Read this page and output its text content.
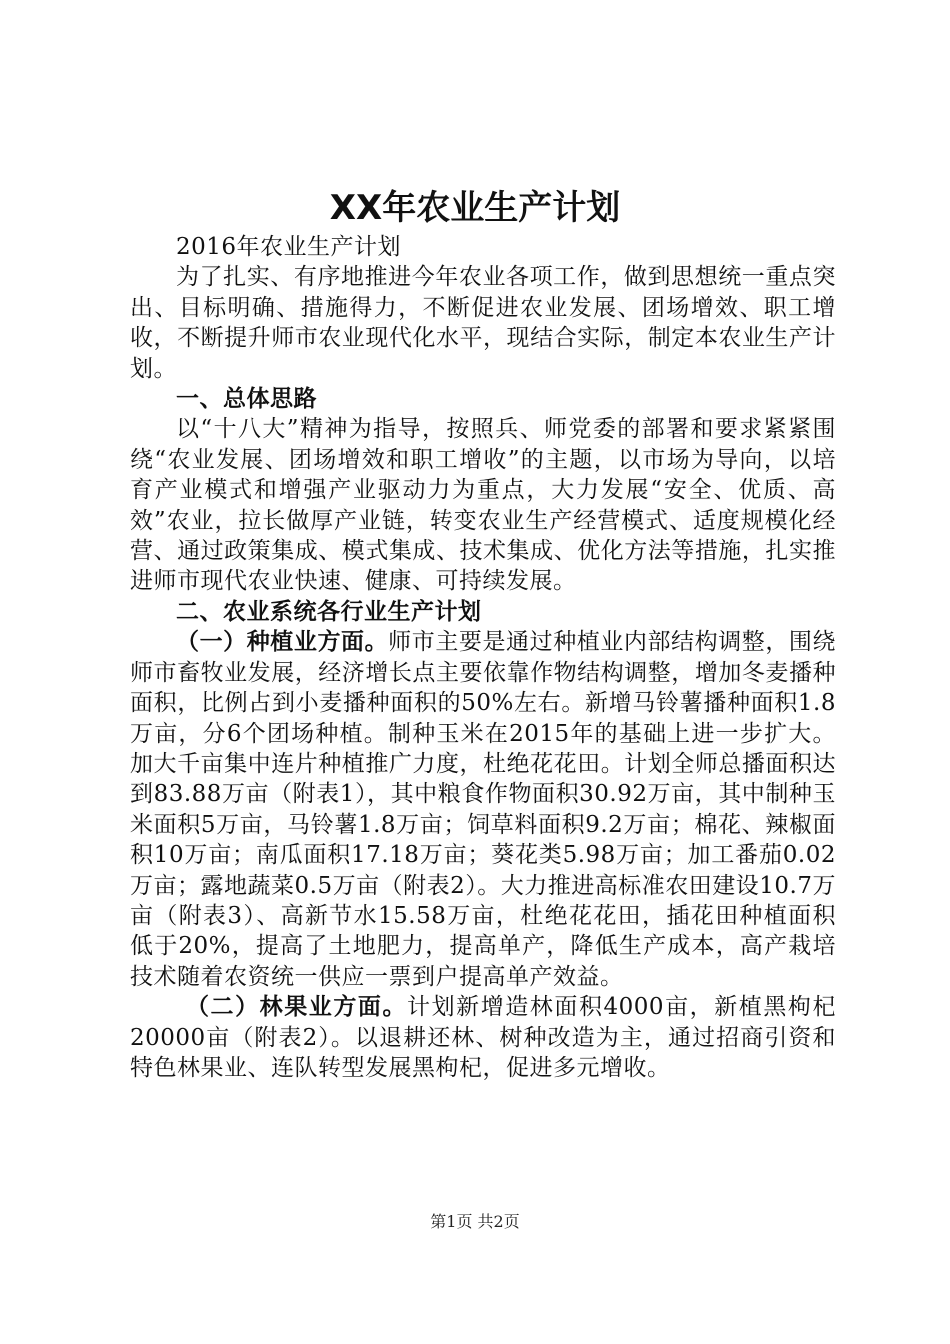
XX年农业生产计划

2016年农业生产计划

为了扎实、有序地推进今年农业各项工作，做到思想统一重点突出、目标明确、措施得力，不断促进农业发展、团场增效、职工增收，不断提升师市农业现代化水平，现结合实际，制定本农业生产计划。

一、总体思路

以“十八大”精神为指导，按照兵、师党委的部署和要求紧紧围绕“农业发展、团场增效和职工增收”的主题，以市场为导向，以培育产业模式和增强产业驱动力为重点，大力发展“安全、优质、高效”农业，拉长做厚产业链，转变农业生产经营模式、适度规模化经营、通过政策集成、模式集成、技术集成、优化方法等措施，扎实推进师市现代农业快速、健康、可持续发展。

二、农业系统各行业生产计划

（一）种植业方面。师市主要是通过种植业内部结构调整，围绕师市畜牧业发展，经济增长点主要依靠作物结构调整，增加冬麦播种面积，比例占到小麦播种面积的50%左右。新增马铃薯播种面积1.8万亩，分6个团场种植。制种玉米在2015年的基础上进一步扩大。加大千亩集中连片种植推广力度，杜绝花花田。计划全师总播面积达到83.88万亩（附表1），其中粮食作物面积30.92万亩，其中制种玉米面积5万亩，马铃薯1.8万亩；饲草料面积9.2万亩；棉花、辣椒面积10万亩；南瓜面积17.18万亩；葵花类5.98万亩；加工番茄0.02万亩；露地蔬菜0.5万亩（附表2）。大力推进高标准农田建设10.7万亩（附表3）、高新节水15.58万亩，杜绝花花田，插花田种植面积低于20%，提高了土地肥力，提高单产，降低生产成本，高产栽培技术随着农资统一供应一票到户提高单产效益。

（二）林果业方面。计划新增造林面积4000亩，新植黑枸杞20000亩（附表2）。以退耕还林、树种改造为主，通过招商引资和特色林果业、连队转型发展黑枸杞，促进多元增收。

第1页 共2页
